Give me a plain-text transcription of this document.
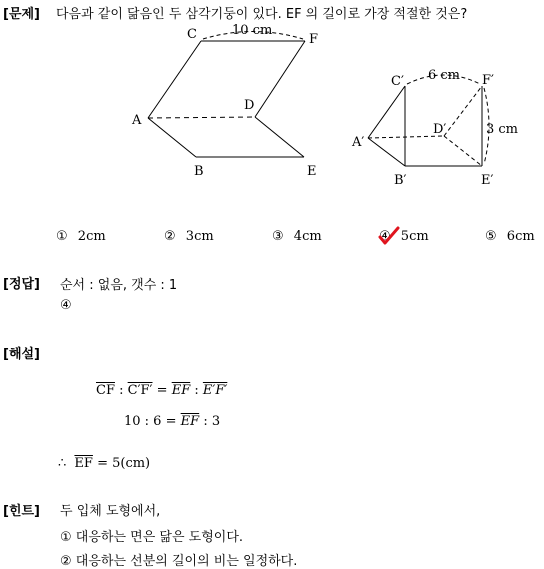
[문제] 다음과 같이 닮음인 두 삼각기둥이 있다. EF 의 길이로 가장 적절한 것은?
C	F
A
D
B	E
10 cm
C′	F′
A′
D′
B′	E′
6 cm
3 cm
① 2cm	② 3cm	③ 4cm	④ 5cm	⑤ 6cm
[정답] 순서 : 없음, 갯수 : 1
④
[해설]
$\overline{CF}$ : $C'F' = \overline{EF}$ : E′F′
10 : $6 = \overline{EF}$ : 3
∴ $\overline{EF} = 5(cm)$
[힌트] 두 입체 도형에서,
① 대응하는 면은 닮은 도형이다.
② 대응하는 선분의 길이의 비는 일정하다.
